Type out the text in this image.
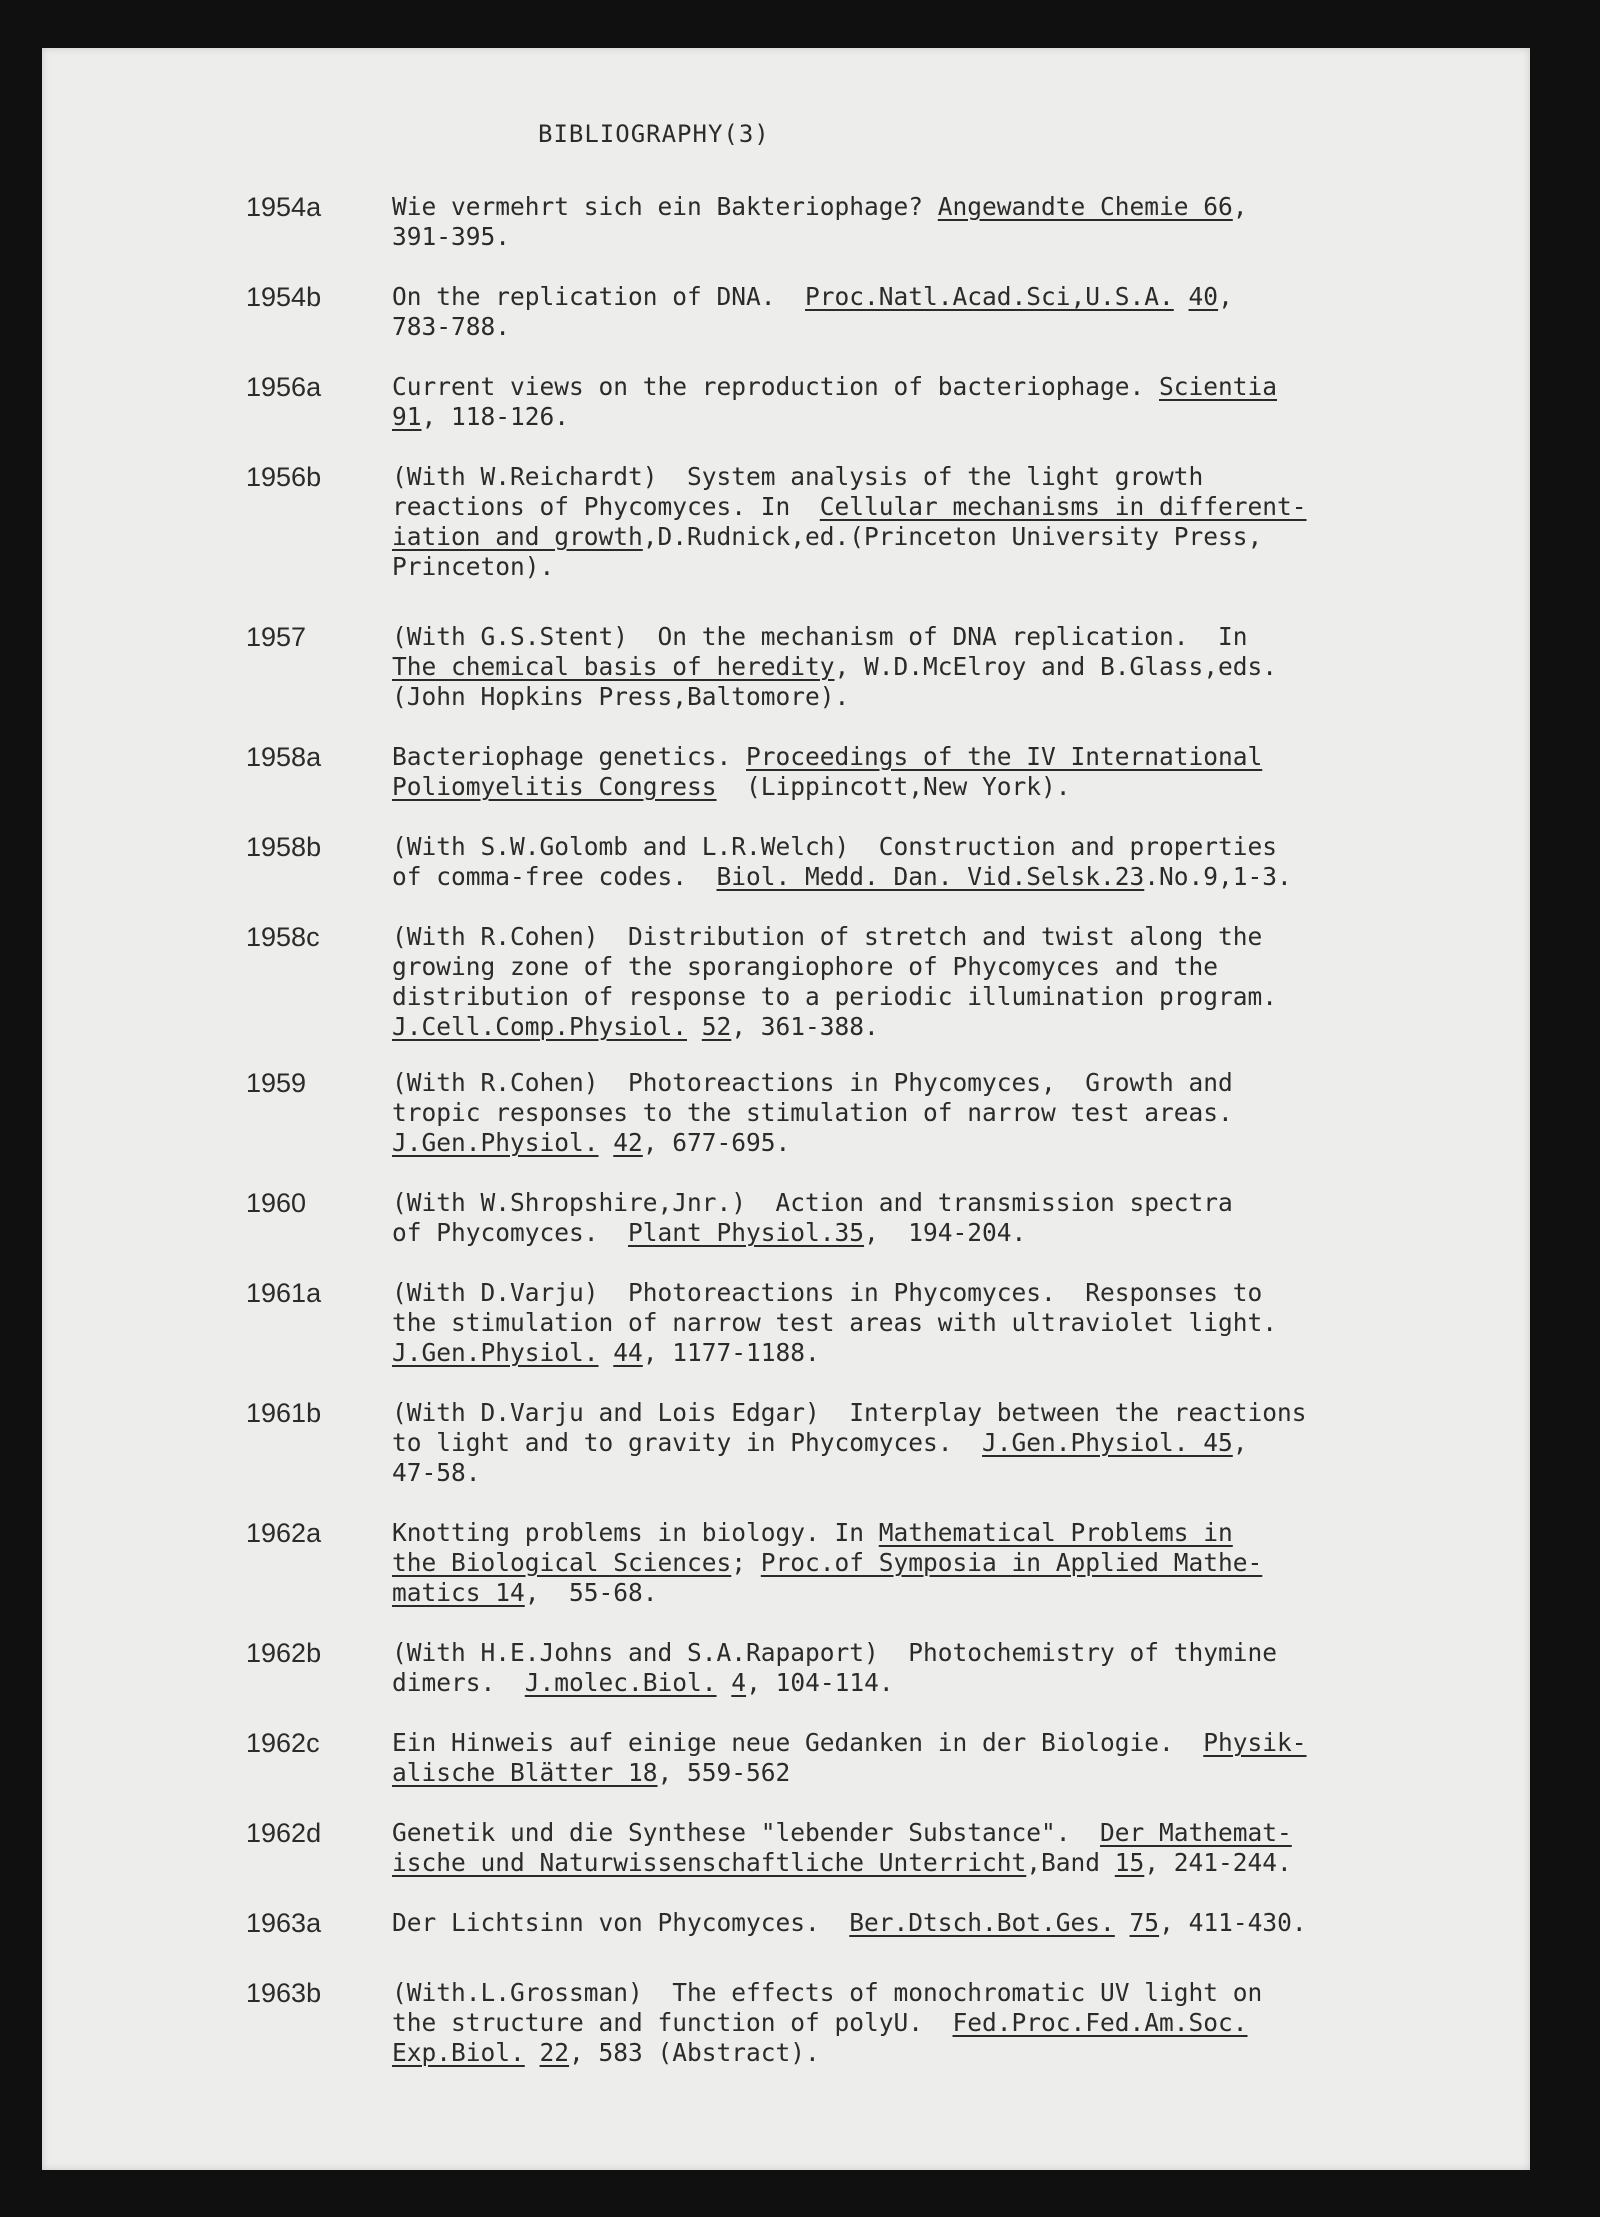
BIBLIOGRAPHY(3)
1954a	Wie vermehrt sich ein Bakteriophage? Angewandte Chemie 66,
391-395.
1954b	On the replication of DNA.  Proc.Natl.Acad.Sci,U.S.A. 40,
783-788.
1956a	Current views on the reproduction of bacteriophage. Scientia
91, 118-126.
1956b	(With W.Reichardt)  System analysis of the light growth
reactions of Phycomyces. In  Cellular mechanisms in different-
iation and growth,D.Rudnick,ed.(Princeton University Press,
Princeton).
1957	(With G.S.Stent)  On the mechanism of DNA replication.  In
The chemical basis of heredity, W.D.McElroy and B.Glass,eds.
(John Hopkins Press,Baltomore).
1958a	Bacteriophage genetics. Proceedings of the IV International
Poliomyelitis Congress  (Lippincott,New York).
1958b	(With S.W.Golomb and L.R.Welch)  Construction and properties
of comma-free codes.  Biol. Medd. Dan. Vid.Selsk.23.No.9,1-3.
1958c	(With R.Cohen)  Distribution of stretch and twist along the
growing zone of the sporangiophore of Phycomyces and the
distribution of response to a periodic illumination program.
J.Cell.Comp.Physiol. 52, 361-388.
1959	(With R.Cohen)  Photoreactions in Phycomyces,  Growth and
tropic responses to the stimulation of narrow test areas.
J.Gen.Physiol. 42, 677-695.
1960	(With W.Shropshire,Jnr.)  Action and transmission spectra
of Phycomyces.  Plant Physiol.35,  194-204.
1961a	(With D.Varju)  Photoreactions in Phycomyces.  Responses to
the stimulation of narrow test areas with ultraviolet light.
J.Gen.Physiol. 44, 1177-1188.
1961b	(With D.Varju and Lois Edgar)  Interplay between the reactions
to light and to gravity in Phycomyces.  J.Gen.Physiol. 45,
47-58.
1962a	Knotting problems in biology. In Mathematical Problems in
the Biological Sciences; Proc.of Symposia in Applied Mathe-
matics 14,  55-68.
1962b	(With H.E.Johns and S.A.Rapaport)  Photochemistry of thymine
dimers.  J.molec.Biol. 4, 104-114.
1962c	Ein Hinweis auf einige neue Gedanken in der Biologie.  Physik-
alische Blätter 18, 559-562
1962d	Genetik und die Synthese "lebender Substance".  Der Mathemat-
ische und Naturwissenschaftliche Unterricht,Band 15, 241-244.
1963a	Der Lichtsinn von Phycomyces.  Ber.Dtsch.Bot.Ges. 75, 411-430.
1963b	(With.L.Grossman)  The effects of monochromatic UV light on
the structure and function of polyU.  Fed.Proc.Fed.Am.Soc.
Exp.Biol. 22, 583 (Abstract).
